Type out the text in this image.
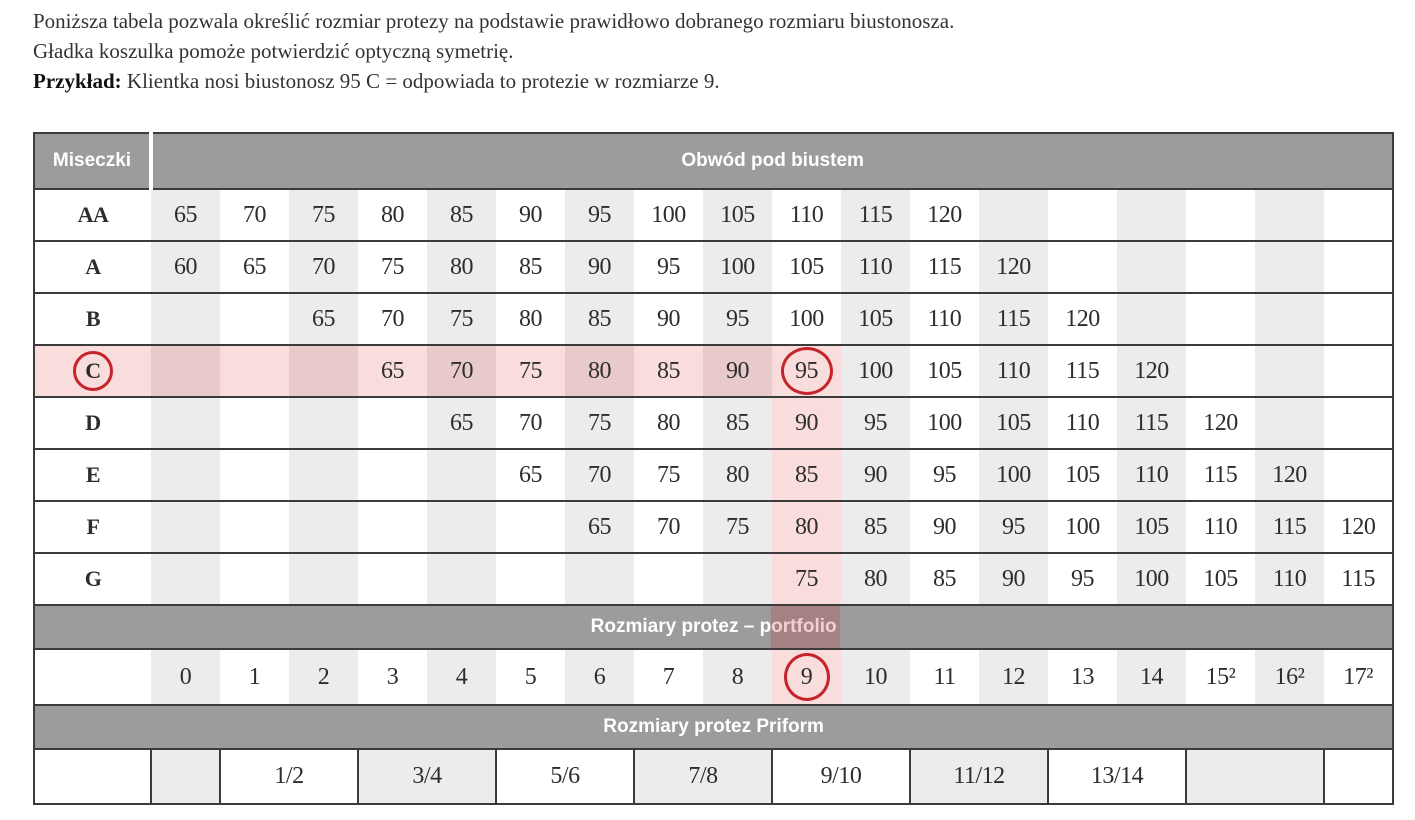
Poniższa tabela pozwala określić rozmiar protezy na podstawie prawidłowo dobranego rozmiaru biustonosza.

Gładka koszulka pomoże potwierdzić optyczną symetrię.

Przykład: Klientka nosi biustonosz 95 C = odpowiada to protezie w rozmiarze 9.

Miseczki	Obwód pod biustem																	
AA	65	70	75	80	85	90	95	100	105	110	115	120						
A	60	65	70	75	80	85	90	95	100	105	110	115	120					
B			65	70	75	80	85	90	95	100	105	110	115	120				

C				65	70	75	80	85	90	95	100	105	110	115	120			
D					65	70	75	80	85	90	95	100	105	110	115	120		
E						65	70	75	80	85	90	95	100	105	110	115	120	
F							65	70	75	80	85	90	95	100	105	110	115	120
G										75	80	85	90	95	100	105	110	115
Rozmiary protez – portfolio																		

	0	1	2	3	4	5	6	7	8	9	10	11	12	13	14	15²	16²	17²
Rozmiary protez Priform																		
		1/2		3/4		5/6		7/8		9/10		11/12		13/14				
